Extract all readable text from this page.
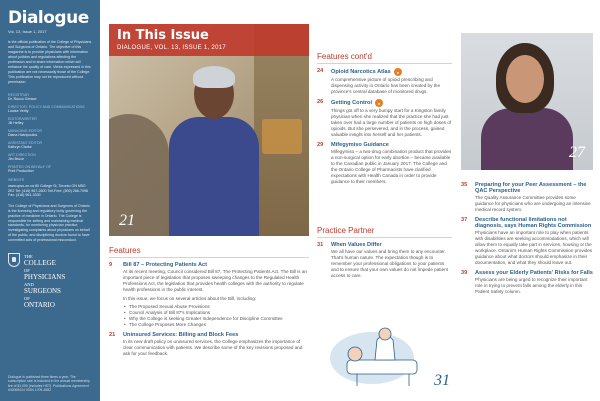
Dialogue
Vol. 13, Issue 1, 2017
is the official publication of the College of Physicians and Surgeons of Ontario. The objective of this magazine is to provide physicians with information about policies and regulations affecting the profession and to share information which will enhance the quality of care. Views expressed in this publication are not necessarily those of the College. This publication may not be reproduced without permission.
REGISTRAR
Dr. Rocco Gerace
DIRECTOR, POLICY AND COMMUNICATIONS
Louise Verity
EDITOR/WRITER
Jill Hefley
MANAGING EDITOR
Diana Hatzipoulos
ASSISTANT EDITOR
Kathryn Clarke
ART DIRECTION
Jim Bruce
PRINTED ON BEHALF OF
Print Production
WEBSITE
www.cpso.on.ca 80 College St, Toronto ON M5G 2E2 Tel: (416) 967-2600 Toll-Free: (800) 268-7096 Fax: (416) 961-3330
The College of Physicians and Surgeons of Ontario is the licensing and regulatory body governing the practice of medicine in Ontario. The College is responsible for setting and maintaining medical standards, for monitoring physician practice, investigating complaints about physicians on behalf of the public, and disciplining doctors found to have committed acts of professional misconduct.
THE
COLLEGE
OF
PHYSICIANS
AND
SURGEONS
OF
ONTARIO
Dialogue is published three times a year. The subscription rate is included in the annual membership fee of $1,050 (includes HST). Publications Agreement #40069024 ISSN 1709-4682
21
In This Issue
DIALOGUE, VOL. 13, ISSUE 1, 2017
Features
9	Bill 87 – Protecting Patients Act
At its recent meeting, Council considered Bill 87, The Protecting Patients Act. The Bill is an important piece of legislation that proposes sweeping changes to the Regulated Health Professions Act, the legislation that provides health colleges with the authority to regulate health professions in the public interest.
In this issue, we focus on several articles about the Bill, including:
• The Proposed Sexual Abuse Provisions
• Council Analysis of Bill 87's Implications
• Why the College is seeking Greater Independence for Discipline Committee
• The College Proposes More Changes
21	Uninsured Services: Billing and Block Fees
In its new draft policy on uninsured services, the College emphasizes the importance of clear communication with patients. We describe some of the key revisions proposed and ask for your feedback.
Features cont'd
24	Opioid Narcotics Atlas	●
A comprehensive picture of opioid prescribing and dispensing activity in Ontario has been created by the province's central database of monitored drugs.
26	Getting Control	●
Things got off to a very bumpy start for a Kingston family physician when she realized that the practice she had just taken over had a large number of patients on high doses of opioids. But she persevered, and in the process, gained valuable insight into herself and her patients.
29	Mifegymiso Guidance
Mifegymiso – a two-drug combination product that provides a non-surgical option for early abortion – became available to the Canadian public in January 2017. The College and the Ontario College of Pharmacists have clarified expectations with Health Canada in order to provide guidance to their members.
Practice Partner
31	When Values Differ
We all have our values and bring them to any encounter. That's human nature. The expectation though is to remember your professional obligations to your patients and to ensure that your own values do not impede patient access to care.
31
27
35	Preparing for your Peer Assessment – the QAC Perspective
The Quality Assurance Committee provides some guidance for physicians who are undergoing an intensive medical record system.
37	Describe functional limitations not diagnosis, says Human Rights Commission
Physicians have an important role to play when patients with disabilities are seeking accommodations, which will allow them to equally take part in services, housing or the workplace. Ontario's Human Rights Commission provides guidance about what doctors should emphasize in their documentation, and what they should leave out.
39	Assess your Elderly Patients' Risks for Falls
Physicians are being urged to recognize their important role in trying to prevent falls among the elderly in this Patient Safety column.
